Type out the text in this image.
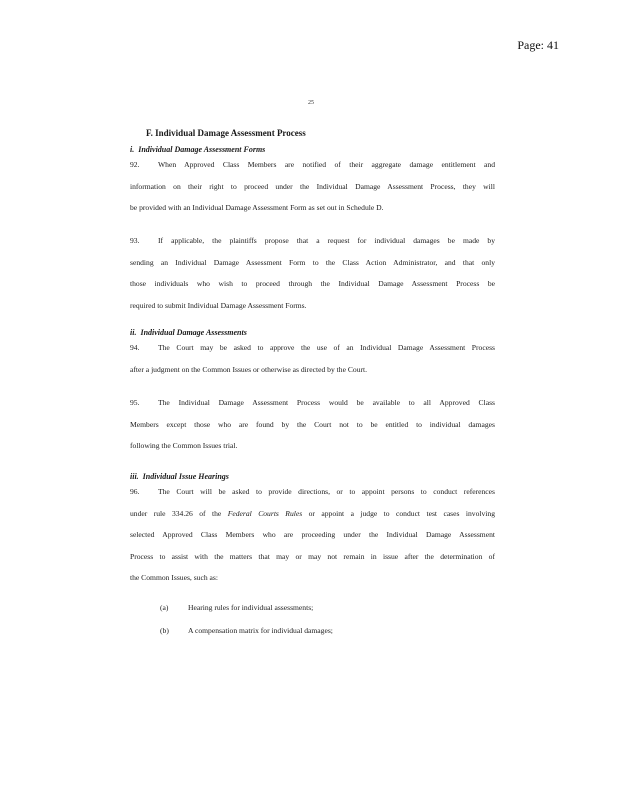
Page: 41
25
F. Individual Damage Assessment Process
i. Individual Damage Assessment Forms

92. When Approved Class Members are notified of their aggregate damage entitlement and

information on their right to proceed under the Individual Damage Assessment Process, they will

be provided with an Individual Damage Assessment Form as set out in Schedule D.

93. If applicable, the plaintiffs propose that a request for individual damages be made by

sending an Individual Damage Assessment Form to the Class Action Administrator, and that only

those individuals who wish to proceed through the Individual Damage Assessment Process be

required to submit Individual Damage Assessment Forms.

ii. Individual Damage Assessments

94. The Court may be asked to approve the use of an Individual Damage Assessment Process

after a judgment on the Common Issues or otherwise as directed by the Court.

95. The Individual Damage Assessment Process would be available to all Approved Class

Members except those who are found by the Court not to be entitled to individual damages

following the Common Issues trial.

iii. Individual Issue Hearings

96. The Court will be asked to provide directions, or to appoint persons to conduct references

under rule 334.26 of the Federal Courts Rules or appoint a judge to conduct test cases involving

selected Approved Class Members who are proceeding under the Individual Damage Assessment

Process to assist with the matters that may or may not remain in issue after the determination of

the Common Issues, such as:

(a)	Hearing rules for individual assessments;
(b)	A compensation matrix for individual damages;
